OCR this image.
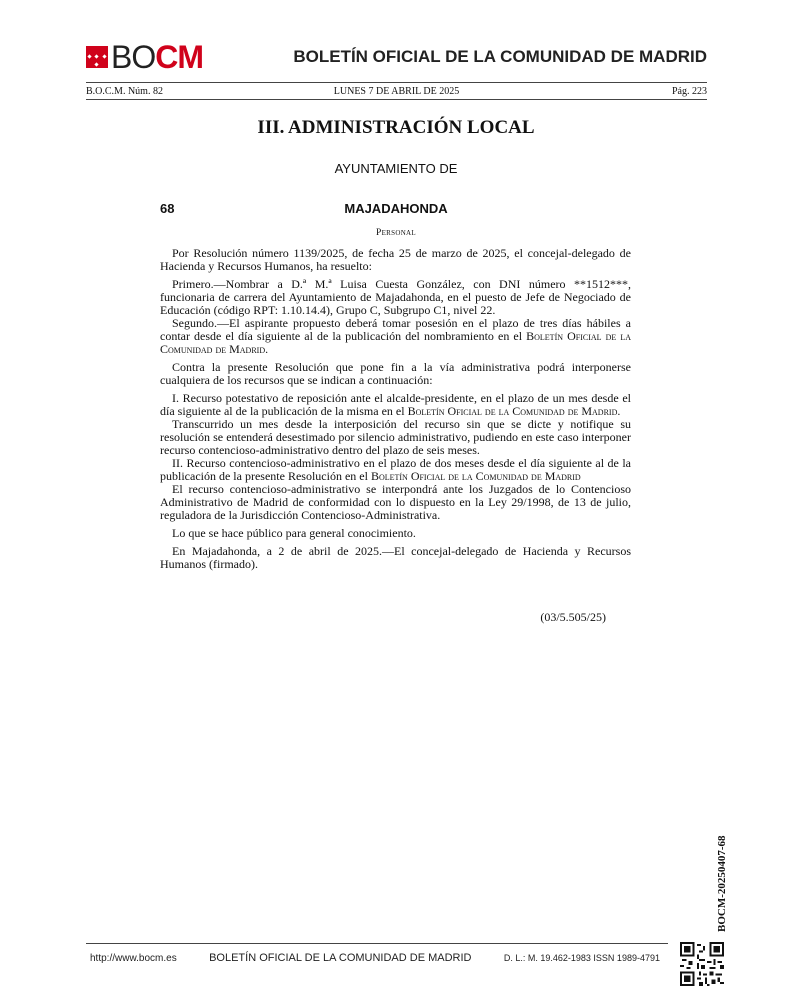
BOCM	BOLETÍN OFICIAL DE LA COMUNIDAD DE MADRID
B.O.C.M. Núm. 82	LUNES 7 DE ABRIL DE 2025	Pág. 223
III. ADMINISTRACIÓN LOCAL
AYUNTAMIENTO DE
68	MAJADAHONDA
Personal

Por Resolución número 1139/2025, de fecha 25 de marzo de 2025, el concejal-delegado de Hacienda y Recursos Humanos, ha resuelto:

Primero.—Nombrar a D.ª M.ª Luisa Cuesta González, con DNI número **1512***, funcionaria de carrera del Ayuntamiento de Majadahonda, en el puesto de Jefe de Negociado de Educación (código RPT: 1.10.14.4), Grupo C, Subgrupo C1, nivel 22.

Segundo.—El aspirante propuesto deberá tomar posesión en el plazo de tres días hábiles a contar desde el día siguiente al de la publicación del nombramiento en el Boletín Oficial de la Comunidad de Madrid.

Contra la presente Resolución que pone fin a la vía administrativa podrá interponerse cualquiera de los recursos que se indican a continuación:

I. Recurso potestativo de reposición ante el alcalde-presidente, en el plazo de un mes desde el día siguiente al de la publicación de la misma en el Boletín Oficial de la Comunidad de Madrid.

Transcurrido un mes desde la interposición del recurso sin que se dicte y notifique su resolución se entenderá desestimado por silencio administrativo, pudiendo en este caso interponer recurso contencioso-administrativo dentro del plazo de seis meses.

II. Recurso contencioso-administrativo en el plazo de dos meses desde el día siguiente al de la publicación de la presente Resolución en el Boletín Oficial de la Comunidad de Madrid

El recurso contencioso-administrativo se interpondrá ante los Juzgados de lo Contencioso Administrativo de Madrid de conformidad con lo dispuesto en la Ley 29/1998, de 13 de julio, reguladora de la Jurisdicción Contencioso-Administrativa.

Lo que se hace público para general conocimiento.

En Majadahonda, a 2 de abril de 2025.—El concejal-delegado de Hacienda y Recursos Humanos (firmado).

(03/5.505/25)
BOCM-20250407-68
http://www.bocm.es	BOLETÍN OFICIAL DE LA COMUNIDAD DE MADRID	D. L.: M. 19.462-1983 ISSN 1989-4791
